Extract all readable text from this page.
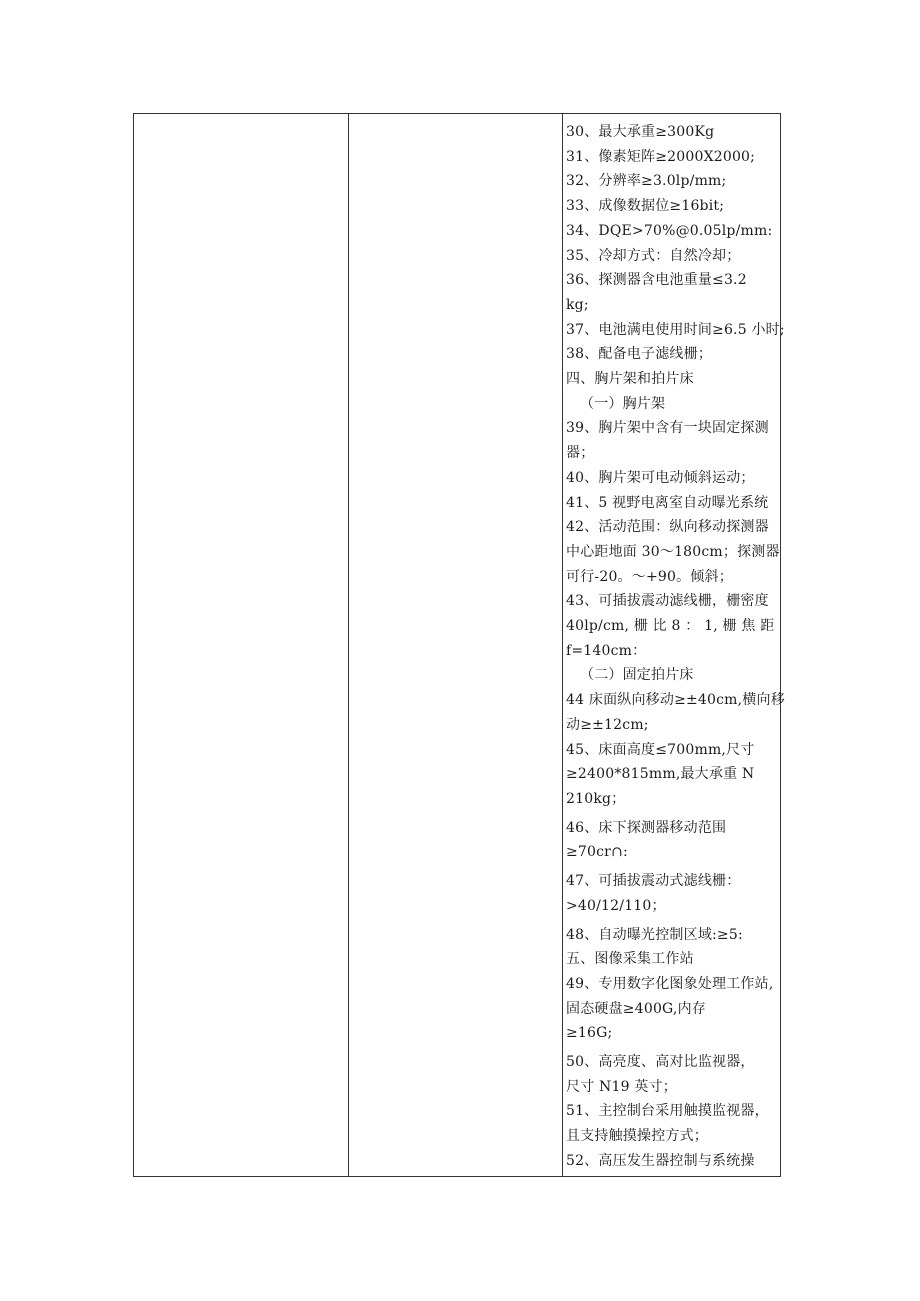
30、最大承重≥300Kg
31、像素矩阵≥2000X2000;
32、分辨率≥3.0lp/mm;
33、成像数据位≥16bit;
34、DQE>70%@0.05lp/mm:
35、冷却方式：自然冷却；
36、探测器含电池重量≤3.2
kg;
37、电池满电使用时间≥6.5 小时;
38、配备电子滤线栅；
四、胸片架和拍片床
（一）胸片架
39、胸片架中含有一块固定探测
器；
40、胸片架可电动倾斜运动；
41、5 视野电离室自动曝光系统
42、活动范围：纵向移动探测器
中心距地面 30～180cm；探测器
可行-20。～+90。倾斜；
43、可插拔震动滤线栅，栅密度
40lp/cm, 栅 比 8 ： 1, 栅 焦 距
f=140cm：
（二）固定拍片床
44 床面纵向移动≥±40cm,横向移
动≥±12cm;
45、床面高度≤700mm,尺寸
≥2400*815mm,最大承重 N
210kg；
46、床下探测器移动范围
≥70cr∩:
47、可插拔震动式滤线栅：
>40/12/110；
48、自动曝光控制区域:≥5:
五、图像采集工作站
49、专用数字化图象处理工作站,
固态硬盘≥400G,内存
≥16G;
50、高亮度、高对比监视器，
尺寸 N19 英寸；
51、主控制台采用触摸监视器，
且支持触摸操控方式；
52、高压发生器控制与系统操
